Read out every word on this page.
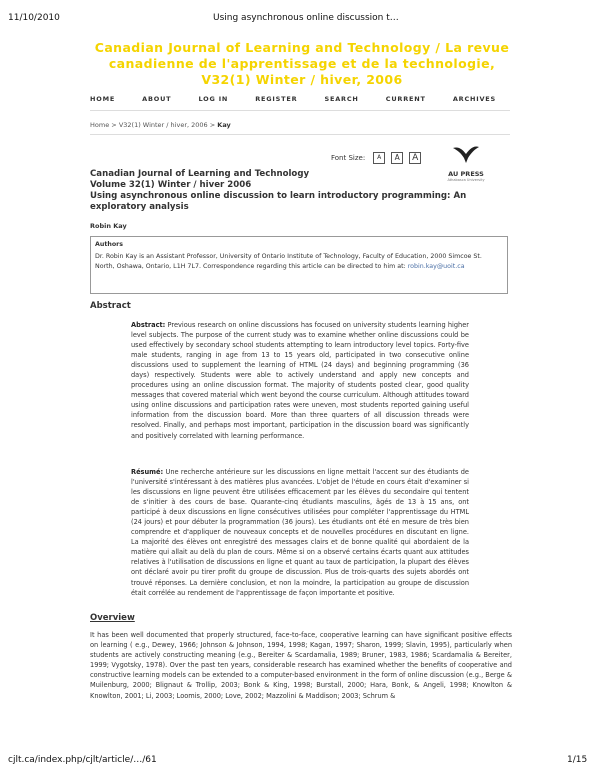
11/10/2010	Using asynchronous online discussion t…
Canadian Journal of Learning and Technology / La revue canadienne de l'apprentissage et de la technologie, V32(1) Winter / hiver, 2006
HOME	ABOUT	LOG IN	REGISTER	SEARCH	CURRENT	ARCHIVES
Home > V32(1) Winter / hiver, 2006 > Kay
Font Size:	A	A	A
AU PRESS
Athabasca University
Canadian Journal of Learning and Technology
Volume 32(1) Winter / hiver 2006
Using asynchronous online discussion to learn introductory programming: An exploratory analysis
Robin Kay
Authors
Dr. Robin Kay is an Assistant Professor, University of Ontario Institute of Technology, Faculty of Education, 2000 Simcoe St. North, Oshawa, Ontario, L1H 7L7. Correspondence regarding this article can be directed to him at: robin.kay@uoit.ca
Abstract
Abstract: Previous research on online discussions has focused on university students learning higher level subjects. The purpose of the current study was to examine whether online discussions could be used effectively by secondary school students attempting to learn introductory level topics. Forty-five male students, ranging in age from 13 to 15 years old, participated in two consecutive online discussions used to supplement the learning of HTML (24 days) and beginning programming (36 days) respectively. Students were able to actively understand and apply new concepts and procedures using an online discussion format. The majority of students posted clear, good quality messages that covered material which went beyond the course curriculum. Although attitudes toward using online discussions and participation rates were uneven, most students reported gaining useful information from the discussion board. More than three quarters of all discussion threads were resolved. Finally, and perhaps most important, participation in the discussion board was significantly and positively correlated with learning performance.
Résumé: Une recherche antérieure sur les discussions en ligne mettait l'accent sur des étudiants de l'université s'intéressant à des matières plus avancées. L'objet de l'étude en cours était d'examiner si les discussions en ligne peuvent être utilisées efficacement par les élèves du secondaire qui tentent de s'initier à des cours de base. Quarante-cinq étudiants masculins, âgés de 13 à 15 ans, ont participé à deux discussions en ligne consécutives utilisées pour compléter l'apprentissage du HTML (24 jours) et pour débuter la programmation (36 jours). Les étudiants ont été en mesure de très bien comprendre et d'appliquer de nouveaux concepts et de nouvelles procédures en discutant en ligne. La majorité des élèves ont enregistré des messages clairs et de bonne qualité qui abordaient de la matière qui allait au delà du plan de cours. Même si on a observé certains écarts quant aux attitudes relatives à l'utilisation de discussions en ligne et quant au taux de participation, la plupart des élèves ont déclaré avoir pu tirer profit du groupe de discussion. Plus de trois-quarts des sujets abordés ont trouvé réponses. La dernière conclusion, et non la moindre, la participation au groupe de discussion était corrélée au rendement de l'apprentissage de façon importante et positive.
Overview
It has been well documented that properly structured, face-to-face, cooperative learning can have significant positive effects on learning ( e.g., Dewey, 1966; Johnson & Johnson, 1994, 1998; Kagan, 1997; Sharon, 1999; Slavin, 1995), particularly when students are actively constructing meaning (e.g., Bereiter & Scardamalia, 1989; Bruner, 1983, 1986; Scardamalia & Bereiter, 1999; Vygotsky, 1978). Over the past ten years, considerable research has examined whether the benefits of cooperative and constructive learning models can be extended to a computer-based environment in the form of online discussion (e.g., Berge & Muilenburg, 2000; Blignaut & Trollip, 2003; Bonk & King, 1998; Burstall, 2000; Hara, Bonk, & Angeli, 1998; Knowlton & Knowlton, 2001; Li, 2003; Loomis, 2000; Love, 2002; Mazzolini & Maddison; 2003; Schrum &
cjlt.ca/index.php/cjlt/article/…/61	1/15
